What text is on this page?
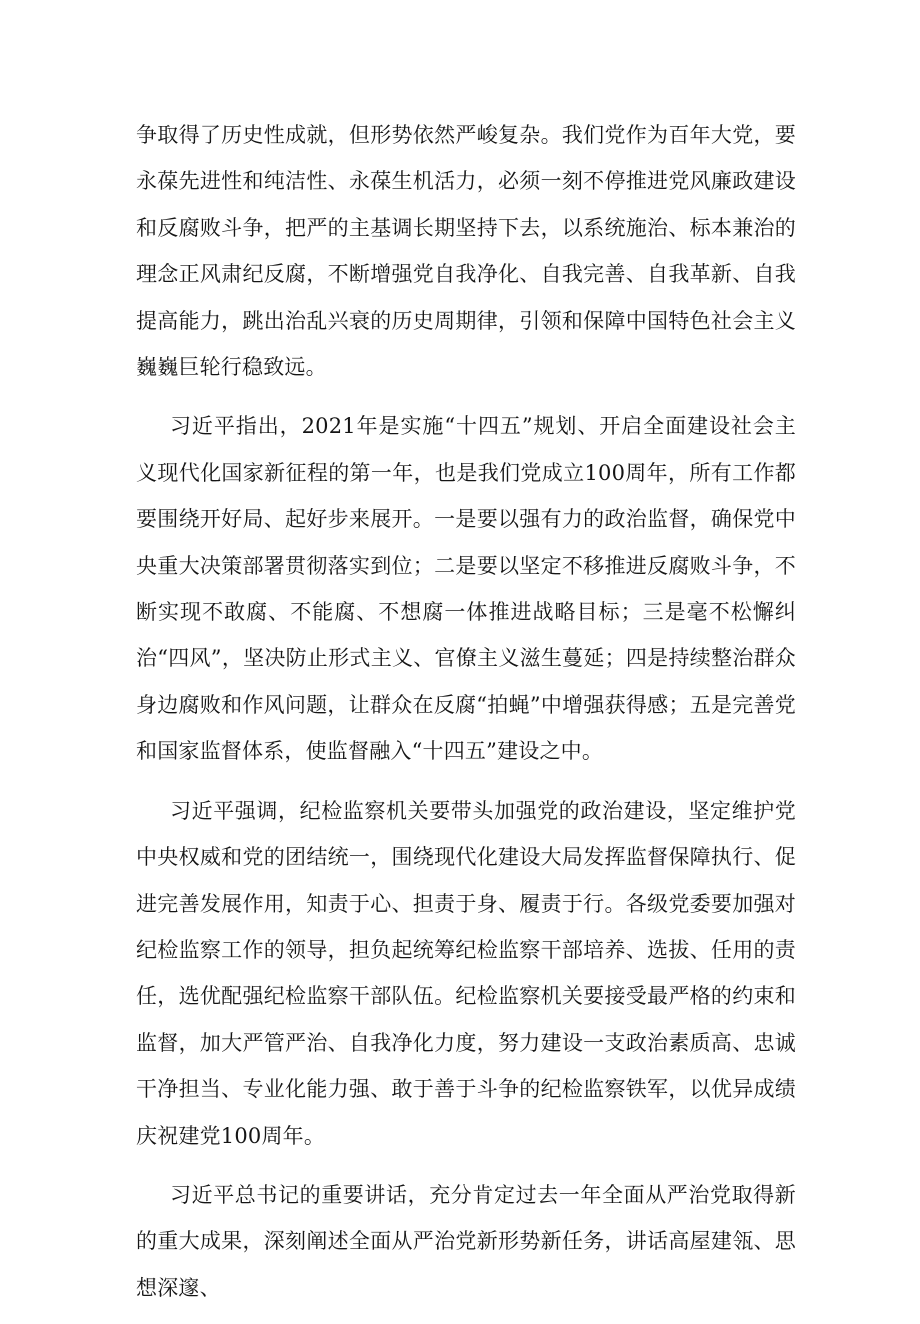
争取得了历史性成就，但形势依然严峻复杂。我们党作为百年大党，要永葆先进性和纯洁性、永葆生机活力，必须一刻不停推进党风廉政建设和反腐败斗争，把严的主基调长期坚持下去，以系统施治、标本兼治的理念正风肃纪反腐，不断增强党自我净化、自我完善、自我革新、自我提高能力，跳出治乱兴衰的历史周期律，引领和保障中国特色社会主义巍巍巨轮行稳致远。

习近平指出，2021年是实施“十四五”规划、开启全面建设社会主义现代化国家新征程的第一年，也是我们党成立100周年，所有工作都要围绕开好局、起好步来展开。一是要以强有力的政治监督，确保党中央重大决策部署贯彻落实到位；二是要以坚定不移推进反腐败斗争，不断实现不敢腐、不能腐、不想腐一体推进战略目标；三是毫不松懈纠治“四风”，坚决防止形式主义、官僚主义滋生蔓延；四是持续整治群众身边腐败和作风问题，让群众在反腐“拍蝇”中增强获得感；五是完善党和国家监督体系，使监督融入“十四五”建设之中。

习近平强调，纪检监察机关要带头加强党的政治建设，坚定维护党中央权威和党的团结统一，围绕现代化建设大局发挥监督保障执行、促进完善发展作用，知责于心、担责于身、履责于行。各级党委要加强对纪检监察工作的领导，担负起统筹纪检监察干部培养、选拔、任用的责任，选优配强纪检监察干部队伍。纪检监察机关要接受最严格的约束和监督，加大严管严治、自我净化力度，努力建设一支政治素质高、忠诚干净担当、专业化能力强、敢于善于斗争的纪检监察铁军，以优异成绩庆祝建党100周年。

习近平总书记的重要讲话，充分肯定过去一年全面从严治党取得新的重大成果，深刻阐述全面从严治党新形势新任务，讲话高屋建瓴、思想深邃、
